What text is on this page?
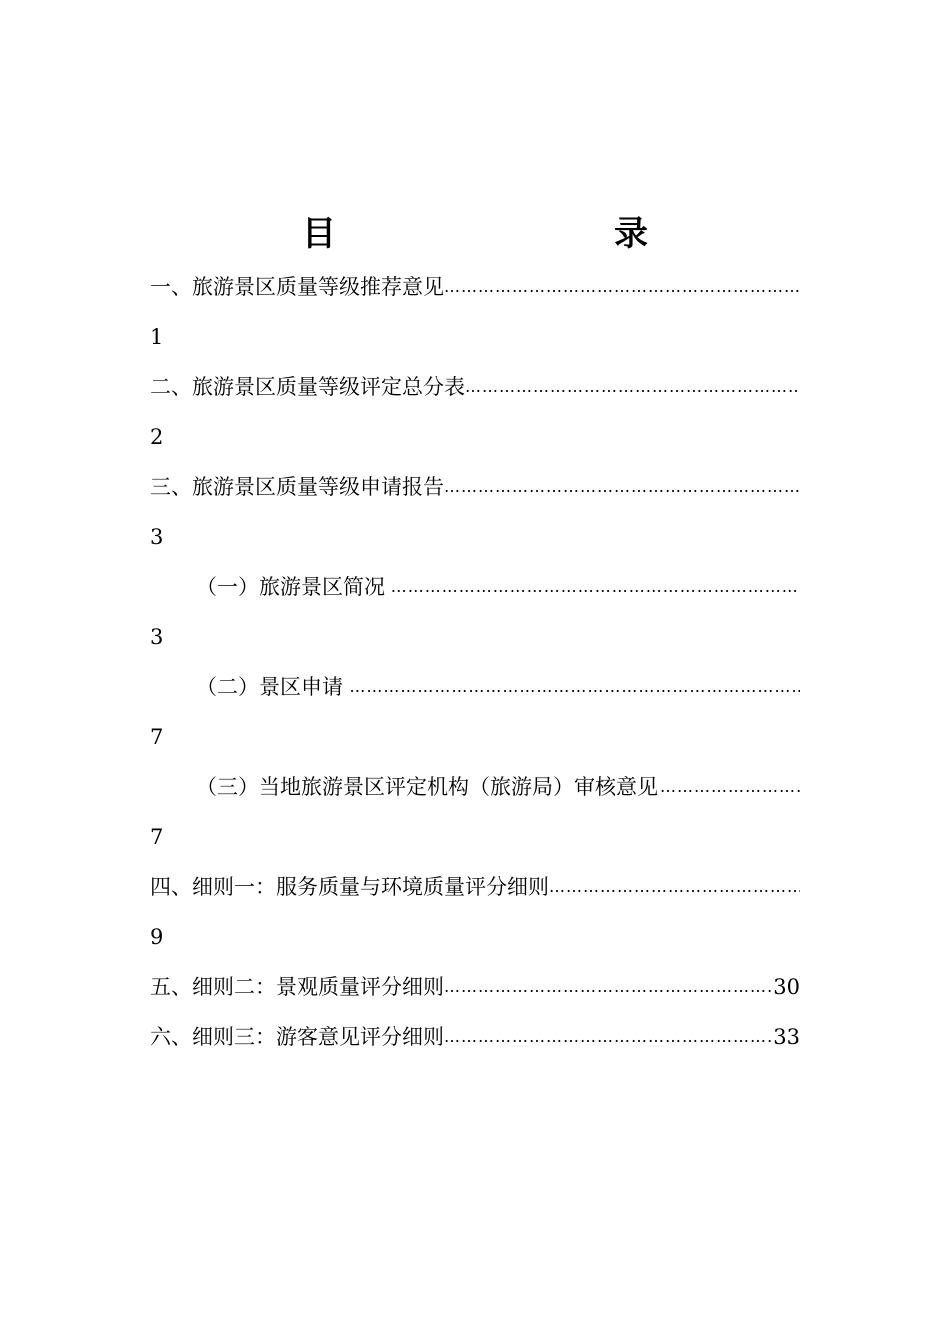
目　　录
一、旅游景区质量等级推荐意见
……………………………………………………………………………………………………………………………………
1
二、旅游景区质量等级评定总分表
……………………………………………………………………………………………………………………………………
2
三、旅游景区质量等级申请报告
……………………………………………………………………………………………………………………………………
3
（一）旅游景区简况
……………………………………………………………………………………………………………………………………
3
（二）景区申请
……………………………………………………………………………………………………………………………………
7
（三）当地旅游景区评定机构（旅游局）审核意见
……………………………………………………………………………………………………………………………………
7
四、细则一：服务质量与环境质量评分细则
……………………………………………………………………………………………………………………………………
9
五、细则二：景观质量评分细则 ……………………………………………………………………………………………………………………………………	30
六、细则三：游客意见评分细则 ……………………………………………………………………………………………………………………………………	33
